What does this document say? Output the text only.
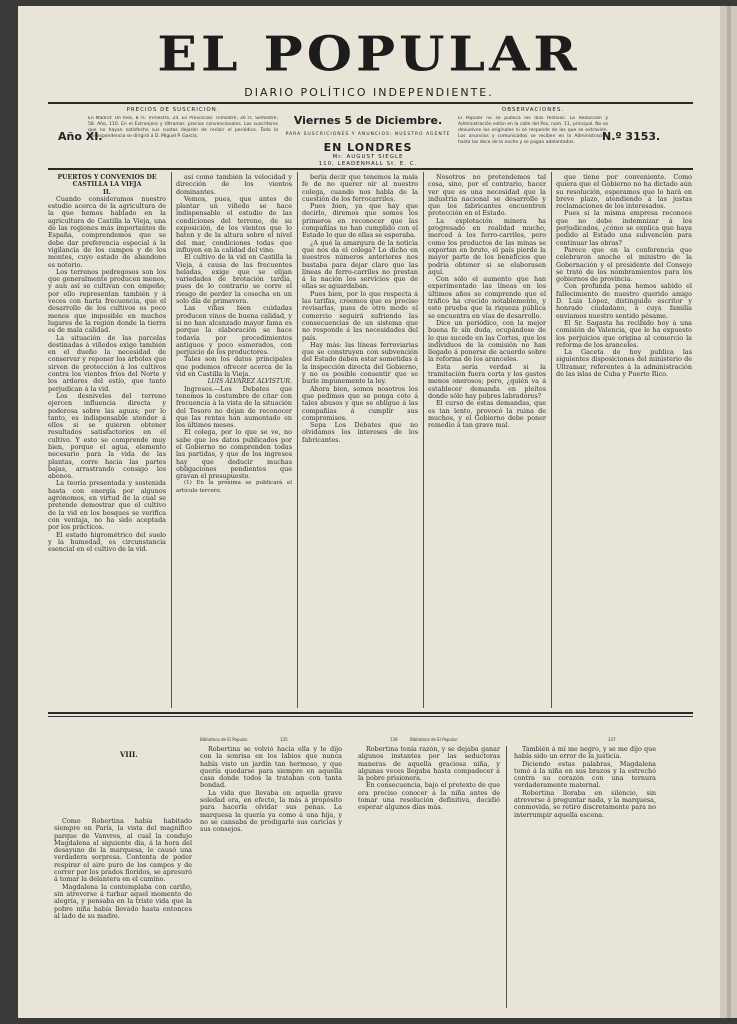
EL POPULAR
DIARIO POLÍTICO INDEPENDIENTE.
PRECIOS DE SUSCRICION.
En Madrid: Un mes, 8 rs. Trimestre, 24. En Provincias: Trimestre, 30 rs. Semestre, 58. Año, 110. En el Extranjero y Ultramar, precios convencionales. Los suscritores que no hayan satisfecho sus cuotas dejarán de recibir el periódico. Toda la correspondencia se dirigirá á D. Miguel P. García.
Año XI.
Viernes 5 de Diciembre.
PARA SUSCRICIONES Y ANUNCIOS: NUESTRO AGENTE
EN LONDRES
Mr. AUGUST SIEGLE
110, LEADENHALL St. E. C.
OBSERVACIONES.
El Popular no se publica los días festivos. La Redacción y Administración están en la calle del Pez, núm. 11, principal. No se devuelven los originales ni se responde de los que se extravíen. Los anuncios y comunicados se reciben en la Administración hasta las doce de la noche y se pagan adelantados.	N.º 3153.

PUERTOS Y CONVENIOS DE CASTILLA LA VIEJA

II.

Cuando consideramos nuestro estudio acerca de la agricultura de la que hemos hablado en la agricultura de Castilla la Vieja, una de las regiones más importantes de España, comprendemos que se debe dar preferencia especial á la vigilancia de los campos y de los montes, cuyo estado de abandono es notorio.

Los terrenos pedregosos son los que generalmente producen menos, y aun así se cultivan con empeño; por ello representan también y á veces con harta frecuencia, que el desarrollo de los cultivos es poco menos que imposible en muchos lugares de la región donde la tierra es de mala calidad.

La situación de las parcelas destinadas á viñedos exige también en el dueño la necesidad de conservar y reponer los árboles que sirven de protección á los cultivos contra los vientos fríos del Norte y los ardores del estío, que tanto perjudican á la vid.

Los desniveles del terreno ejercen influencia directa y poderosa sobre las aguas; por lo tanto, es indispensable atender á ellos si se quieren obtener resultados satisfactorios en el cultivo. Y esto se comprende muy bien, porque el agua, elemento necesario para la vida de las plantas, corre hacia las partes bajas, arrastrando consigo los abonos.

La teoría presentada y sostenida hasta con energía por algunos agrónomos, en virtud de la cual se pretende demostrar que el cultivo de la vid en los bosques se verifica con ventaja, no ha sido aceptada por los prácticos.

El estado higrométrico del suelo y la humedad, es circunstancia esencial en el cultivo de la vid.

así como también la velocidad y dirección de los vientos dominantes.

Vemos, pues, que antes de plantar un viñedo se hace indispensable el estudio de las condiciones del terreno, de su exposición, de los vientos que lo baten y de la altura sobre el nivel del mar, condiciones todas que influyen en la calidad del vino.

El cultivo de la vid en Castilla la Vieja, á causa de las frecuentes heladas, exige que se elijan variedades de brotación tardía, pues de lo contrario se corre el riesgo de perder la cosecha en un solo día de primavera.

Las viñas bien cuidadas producen vinos de buena calidad, y si no han alcanzado mayor fama es porque la elaboración se hace todavía por procedimientos antiguos y poco esmerados, con perjuicio de los productores.

Tales son los datos principales que podemos ofrecer acerca de la vid en Castilla la Vieja.

LUIS ÁLVAREZ ALVISTUR.

Ingresos.—Los Debates que tenemos la costumbre de citar con frecuencia á la vista de la situación del Tesoro no dejan de reconocer que las rentas han aumentado en los últimos meses.

El colega, por lo que se ve, no sabe que los datos publicados por el Gobierno no comprenden todas las partidas, y que de los ingresos hay que deducir muchas obligaciones pendientes que gravan el presupuesto.

(1) En la próxima se publicará el artículo tercero.

bería decir que tenemos la mala fe de no querer oir al nuestro colega, cuando nos habla de la cuestión de los ferrocarriles.

Pues bien, ya que hay que decirlo, diremos que somos los primeros en reconocer que las compañías no han cumplido con el Estado lo que de ellas se esperaba.

¿A qué la amargura de la noticia que nos da el colega? Lo dicho en nuestros números anteriores nos bastaba para dejar claro que las líneas de ferro-carriles no prestan á la nación los servicios que de ellas se aguardaban.

Pues bien, por lo que respecta á las tarifas, creemos que es preciso revisarlas, pues de otro modo el comercio seguirá sufriendo las consecuencias de un sistema que no responde á las necesidades del país.

Hay más: las líneas ferroviarias que se construyen con subvención del Estado deben estar sometidas á la inspección directa del Gobierno, y no es posible consentir que se burle impunemente la ley.

Ahora bien, somos nosotros los que pedimos que se ponga coto á tales abusos y que se obligue á las compañías á cumplir sus compromisos.

Sepa Los Debates que no olvidamos los intereses de los fabricantes.

Nosotros no pretendemos tal cosa, sino, por el contrario, hacer ver que es una necesidad que la industria nacional se desarrolle y que los fabricantes encuentren protección en el Estado.

La explotación minera ha progresado en realidad mucho, merced á los ferro-carriles, pero como los productos de las minas se exportan en bruto, el país pierde la mayor parte de los beneficios que podría obtener si se elaborasen aquí.

Con sólo el aumento que han experimentado las líneas en los últimos años se comprende que el tráfico ha crecido notablemente, y esto prueba que la riqueza pública se encuentra en vías de desarrollo.

Dice un periódico, con la mejor buena fe sin duda, ocupándose de lo que sucede en las Cortes, que los individuos de la comisión no han llegado á ponerse de acuerdo sobre la reforma de los aranceles.

Esta sería verdad si la tramitación fuera corta y los gastos menos onerosos; pero, ¿quién va á establecer demanda en pleitos donde sólo hay pobres labradores?

El curso de estas demandas, que es tan lento, provocó la ruina de muchos, y el Gobierno debe poner remedio á tan grave mal.

que tiene por conveniente. Como quiera que el Gobierno no ha dictado aún su resolución, esperamos que lo hará en breve plazo, atendiendo á las justas reclamaciones de los interesados.

Pues si la misma empresa reconoce que no debe indemnizar á los perjudicados, ¿cómo se explica que haya pedido al Estado una subvención para continuar las obras?

Parece que en la conferencia que celebraron anoche el ministro de la Gobernación y el presidente del Consejo se trató de los nombramientos para los gobiernos de provincia.

Con profunda pena hemos sabido el fallecimiento de nuestro querido amigo D. Luis López, distinguido escritor y honrado ciudadano, á cuya familia enviamos nuestro sentido pésame.

El Sr. Sagasta ha recibido hoy á una comisión de Valencia, que le ha expuesto los perjuicios que origina al comercio la reforma de los aranceles.

La Gaceta de hoy publica las siguientes disposiciones del ministerio de Ultramar, referentes á la administración de las islas de Cuba y Puerto Rico.

Biblioteca de El Popular.	135	136	Biblioteca de El Popular.	137
VIII.

Como Robertina había habitado siempre en París, la vista del magnífico parque de Vanvres, al cual la condujo Magdalena al siguiente día, á la hora del desayuno de la marquesa, le causó una verdadera sorpresa. Contenta de poder respirar el aire puro de los campos y de correr por los prados floridos, se apresuró á tomar la delantera en el camino.

Magdalena la contemplaba con cariño, sin atreverse á turbar aquel momento de alegría, y pensaba en la triste vida que la pobre niña había llevado hasta entonces al lado de su madre.

Robertina se volvió hacia ella y le dijo con la sonrisa en los labios que nunca había visto un jardín tan hermoso, y que quería quedarse para siempre en aquella casa donde todos la trataban con tanta bondad.

La vida que llevaba en aquella grave soledad era, en efecto, la más á propósito para hacerla olvidar sus penas. La marquesa la quería ya como á una hija, y no se cansaba de prodigarle sus caricias y sus consejos.

Robertina tenía razón, y se dejaba ganar algunos instantes por las seductoras maneras de aquella graciosa niña, y algunas veces llegaba hasta compadecer á la pobre prisionera.

En consecuencia, bajo el pretexto de que era preciso conocer á la niña antes de tomar una resolución definitiva, decidió esperar algunos días más.

También á mí me negro, y se me dijo que había sido un error de la justicia.

Diciendo estas palabras, Magdalena tomó á la niña en sus brazos y la estrechó contra su corazón con una ternura verdaderamente maternal.

Robertina lloraba en silencio, sin atreverse á preguntar nada, y la marquesa, conmovida, se retiró discretamente para no interrumpir aquella escena.
